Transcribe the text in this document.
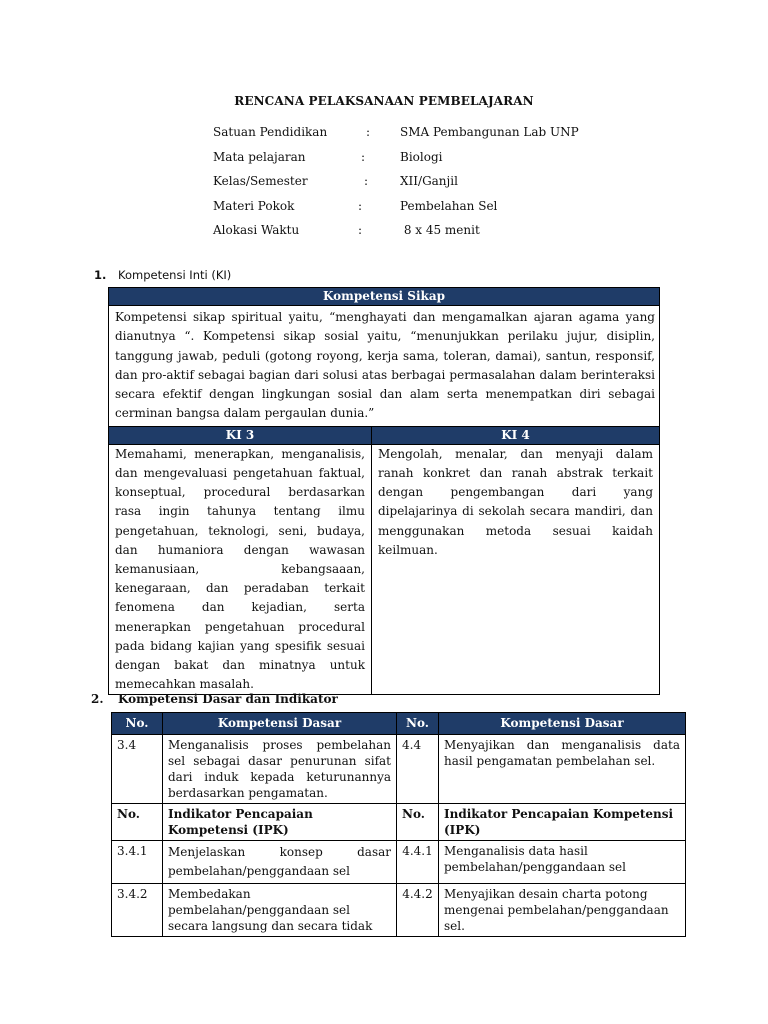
RENCANA PELAKSANAAN PEMBELAJARAN
Satuan Pendidikan	: SMA Pembangunan Lab UNP
Mata pelajaran	:	Biologi
Kelas/Semester	:	XII/Ganjil
Materi Pokok	:	Pembelahan Sel
Alokasi Waktu	:	8 x 45 menit
1. Kompetensi Inti (KI)
Kompetensi Sikap	
Kompetensi sikap spiritual yaitu, “menghayati dan mengamalkan ajaran agama yang dianutnya “. Kompetensi sikap sosial yaitu, “menunjukkan perilaku jujur, disiplin, tanggung jawab, peduli (gotong royong, kerja sama, toleran, damai), santun, responsif, dan pro-aktif sebagai bagian dari solusi atas berbagai permasalahan dalam berinteraksi secara efektif dengan lingkungan sosial dan alam serta menempatkan diri sebagai cerminan bangsa dalam pergaulan dunia.”	
KI 3	KI 4
Memahami, menerapkan, menganalisis, dan mengevaluasi pengetahuan faktual, konseptual, procedural berdasarkan rasa ingin tahunya tentang ilmu pengetahuan, teknologi, seni, budaya, dan humaniora dengan wawasan kemanusiaan, kebangsaaan, kenegaraan, dan peradaban terkait fenomena dan kejadian, serta menerapkan pengetahuan procedural pada bidang kajian yang spesifik sesuai dengan bakat dan minatnya untuk memecahkan masalah.	Mengolah, menalar, dan menyaji dalam ranah konkret dan ranah abstrak terkait dengan pengembangan dari yang dipelajarinya di sekolah secara mandiri, dan menggunakan metoda sesuai kaidah keilmuan.
2. Kompetensi Dasar dan Indikator
No.	Kompetensi Dasar	No.	Kompetensi Dasar
3.4	Menganalisis proses pembelahan sel sebagai dasar penurunan sifat dari induk kepada keturunannya berdasarkan pengamatan.	4.4	Menyajikan dan menganalisis data hasil pengamatan pembelahan sel.
No.	Indikator Pencapaian Kompetensi (IPK)	No.	Indikator Pencapaian Kompetensi (IPK)
3.4.1	Menjelaskan konsep dasar pembelahan/penggandaan sel	4.4.1	Menganalisis data hasil pembelahan/penggandaan sel
3.4.2	Membedakan pembelahan/penggandaan sel secara langsung dan secara tidak	4.4.2	Menyajikan desain charta potong mengenai pembelahan/penggandaan sel.
